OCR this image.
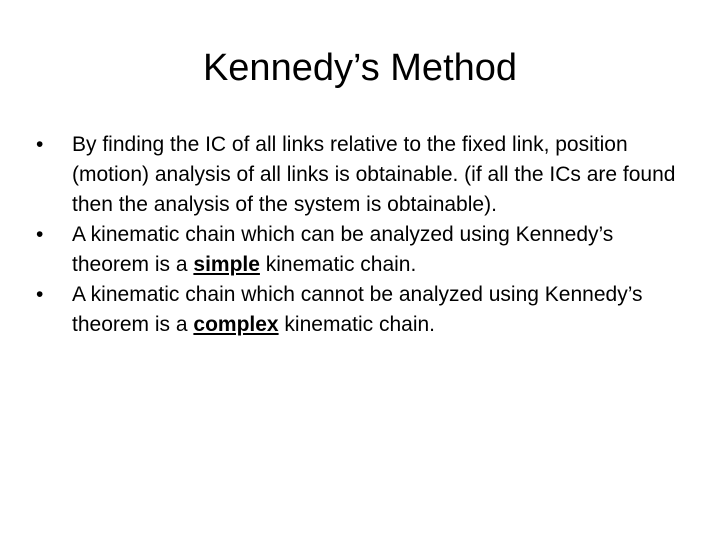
Kennedy’s Method
•	By finding the IC of all links relative to the fixed link, position (motion) analysis of all links is obtainable. (if all the ICs are found then the analysis of the system is obtainable).
•	A kinematic chain which can be analyzed using Kennedy’s theorem is a simple kinematic chain.
•	A kinematic chain which cannot be analyzed using Kennedy’s theorem is a complex kinematic chain.
